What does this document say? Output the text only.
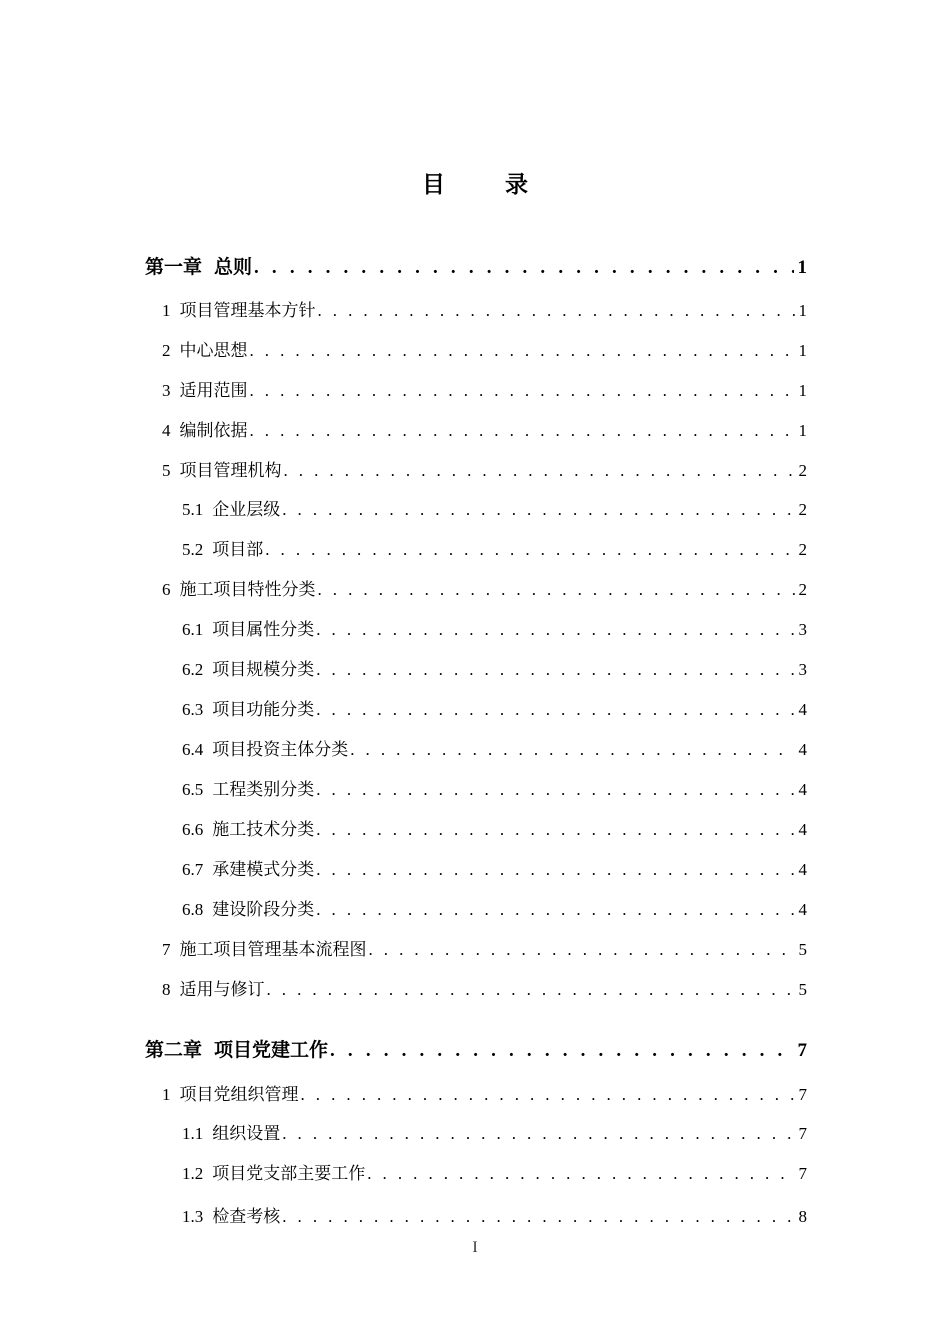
目 录
第一章 总则 . . .	1
1 项目管理基本方针 . . .	1
2 中心思想 . . .	1
3 适用范围 . . .	1
4 编制依据 . . .	1
5 项目管理机构 . . .	2
5.1 企业层级 . . .	2
5.2 项目部 . . .	2
6 施工项目特性分类 . . .	2
6.1 项目属性分类 . . .	3
6.2 项目规模分类 . . .	3
6.3 项目功能分类 . . .	4
6.4 项目投资主体分类 . . .	4
6.5 工程类别分类 . . .	4
6.6 施工技术分类 . . .	4
6.7 承建模式分类 . . .	4
6.8 建设阶段分类 . . .	4
7 施工项目管理基本流程图 . . .	5
8 适用与修订 . . .	5
第二章 项目党建工作 . . .	7
1 项目党组织管理 . . .	7
1.1 组织设置 . . .	7
1.2 项目党支部主要工作 . . .	7
1.3 检查考核 . . .	8
I
